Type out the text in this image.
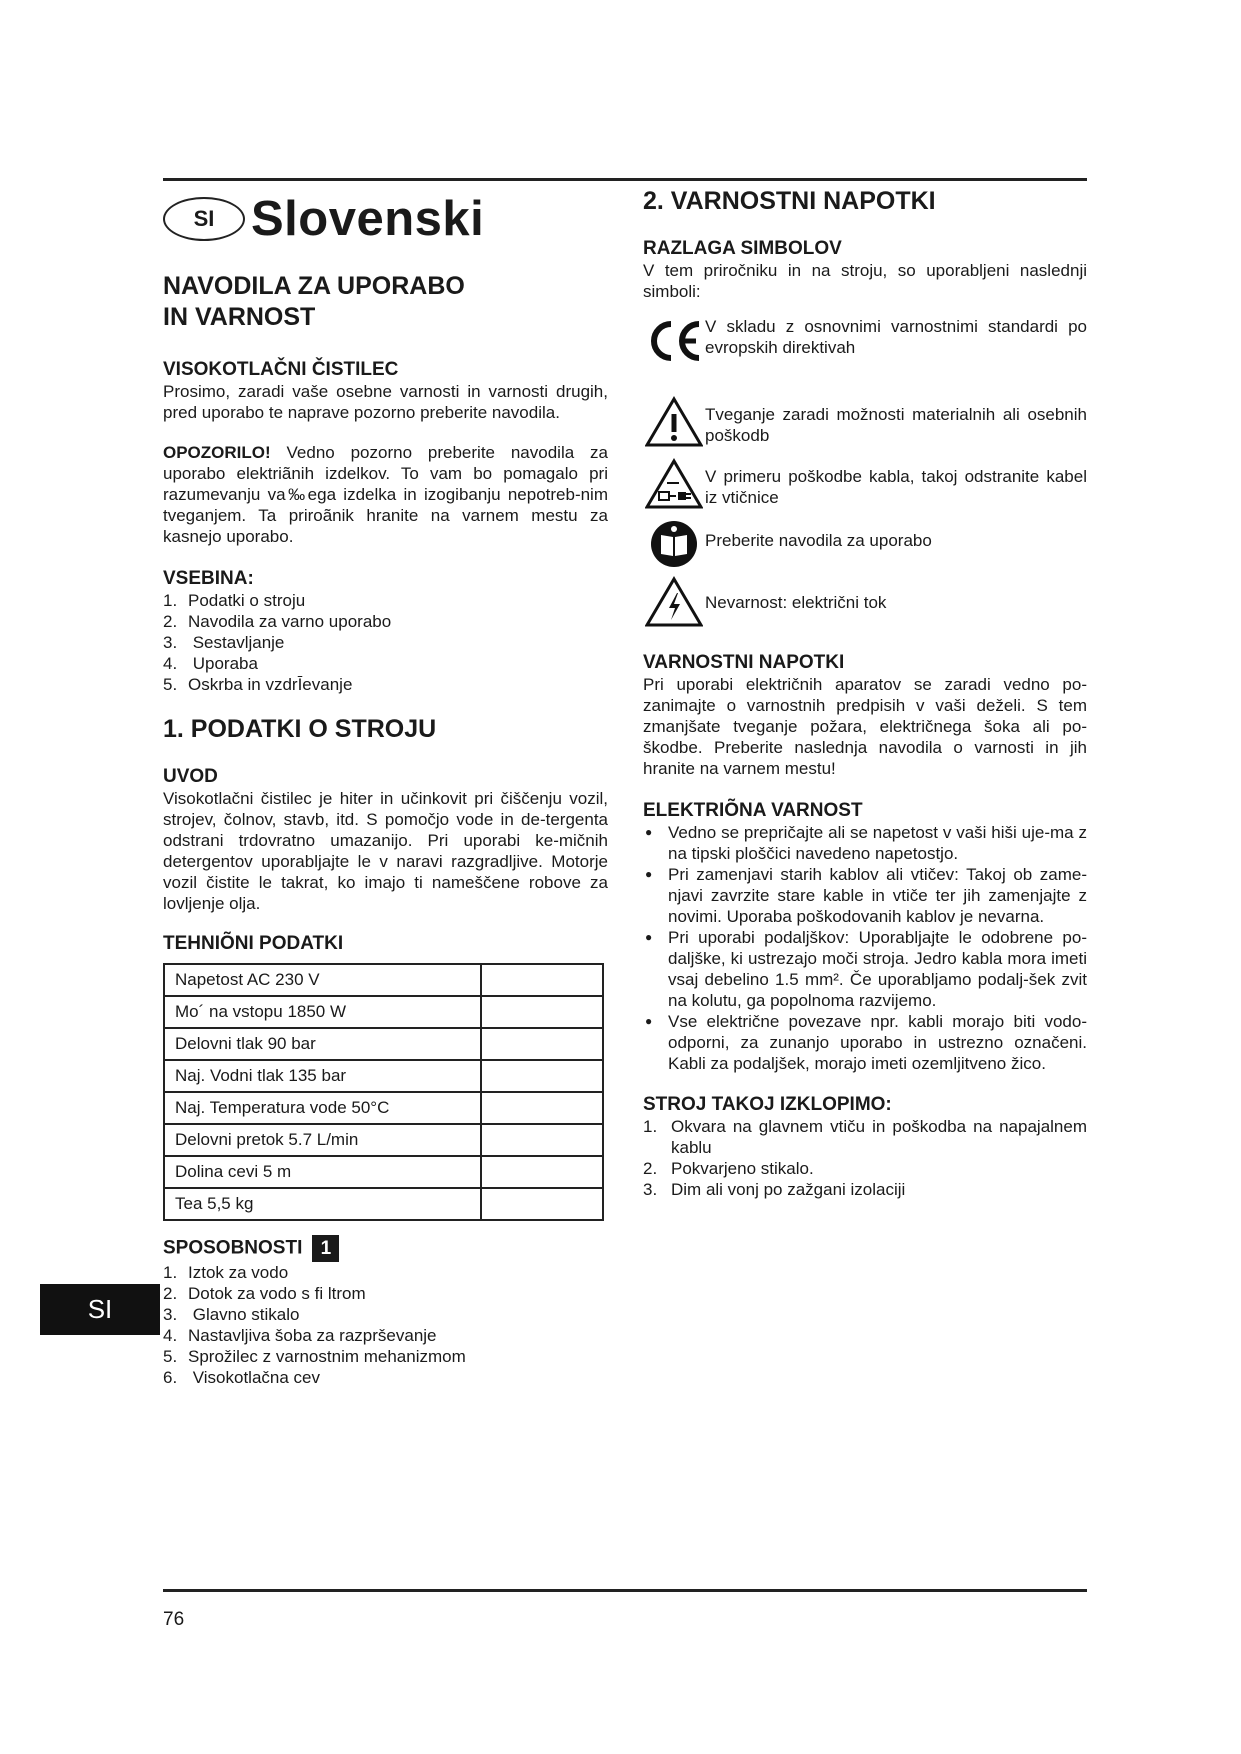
SI Slovenski
NAVODILA ZA UPORABO
IN VARNOST
VISOKOTLAČNI ČISTILEC

Prosimo, zaradi vaše osebne varnosti in varnosti drugih, pred uporabo te naprave pozorno preberite navodila.

OPOZORILO! Vedno pozorno preberite navodila za uporabo elektriãnih izdelkov. To vam bo pomagalo pri razumevanju va‰ega izdelka in izogibanju nepotreb-nim tveganjem. Ta priroãnik hranite na varnem mestu za kasnejo uporabo.

VSEBINA:
1. Podatki o stroju
2. Navodila za varno uporabo
3. Sestavljanje
4. Uporaba
5. Oskrba in vzdrĪevanje
1. PODATKI O STROJU
UVOD

Visokotlačni čistilec je hiter in učinkovit pri čiščenju vozil, strojev, čolnov, stavb, itd. S pomočjo vode in de-tergenta odstrani trdovratno umazanijo. Pri uporabi ke-mičnih detergentov uporabljajte le v naravi razgradljive. Motorje vozil čistite le takrat, ko imajo ti nameščene robove za lovljenje olja.

TEHNIÕNI PODATKI
Napetost AC 230 V	
Mo´ na vstopu 1850 W	
Delovni tlak 90 bar	
Naj. Vodni tlak 135 bar	
Naj. Temperatura vode 50°C	
Delovni pretok 5.7 L/min	
Dolina cevi 5 m	
Tea 5,5 kg	
SPOSOBNOSTI 1
1. Iztok za vodo
2. Dotok za vodo s fi ltrom
3. Glavno stikalo
4. Nastavljiva šoba za razprševanje
5. Sprožilec z varnostnim mehanizmom
6. Visokotlačna cev
2. VARNOSTNI NAPOTKI
RAZLAGA SIMBOLOV

V tem priročniku in na stroju, so uporabljeni naslednji simboli:

V skladu z osnovnimi varnostnimi standardi po evropskih direktivah

Tveganje zaradi možnosti materialnih ali osebnih poškodb

V primeru poškodbe kabla, takoj odstranite kabel iz vtičnice

Preberite navodila za uporabo

Nevarnost: električni tok

VARNOSTNI NAPOTKI

Pri uporabi električnih aparatov se zaradi vedno po-zanimajte o varnostnih predpisih v vaši deželi. S tem zmanjšate tveganje požara, električnega šoka ali po-škodbe. Preberite naslednja navodila o varnosti in jih hranite na varnem mestu!

ELEKTRIÕNA VARNOST
● Vedno se prepričajte ali se napetost v vaši hiši uje-ma z na tipski ploščici navedeno napetostjo.
● Pri zamenjavi starih kablov ali vtičev: Takoj ob zame-njavi zavrzite stare kable in vtiče ter jih zamenjajte z novimi. Uporaba poškodovanih kablov je nevarna.
● Pri uporabi podaljškov: Uporabljajte le odobrene po-daljške, ki ustrezajo moči stroja. Jedro kabla mora imeti vsaj debelino 1.5 mm². Če uporabljamo podalj-šek zvit na kolutu, ga popolnoma razvijemo.
● Vse električne povezave npr. kabli morajo biti vodo-odporni, za zunanjo uporabo in ustrezno označeni. Kabli za podaljšek, morajo imeti ozemljitveno žico.
STROJ TAKOJ IZKLOPIMO:
1. Okvara na glavnem vtiču in poškodba na napajalnem kablu
2. Pokvarjeno stikalo.
3. Dim ali vonj po zažgani izolaciji
SI
76
